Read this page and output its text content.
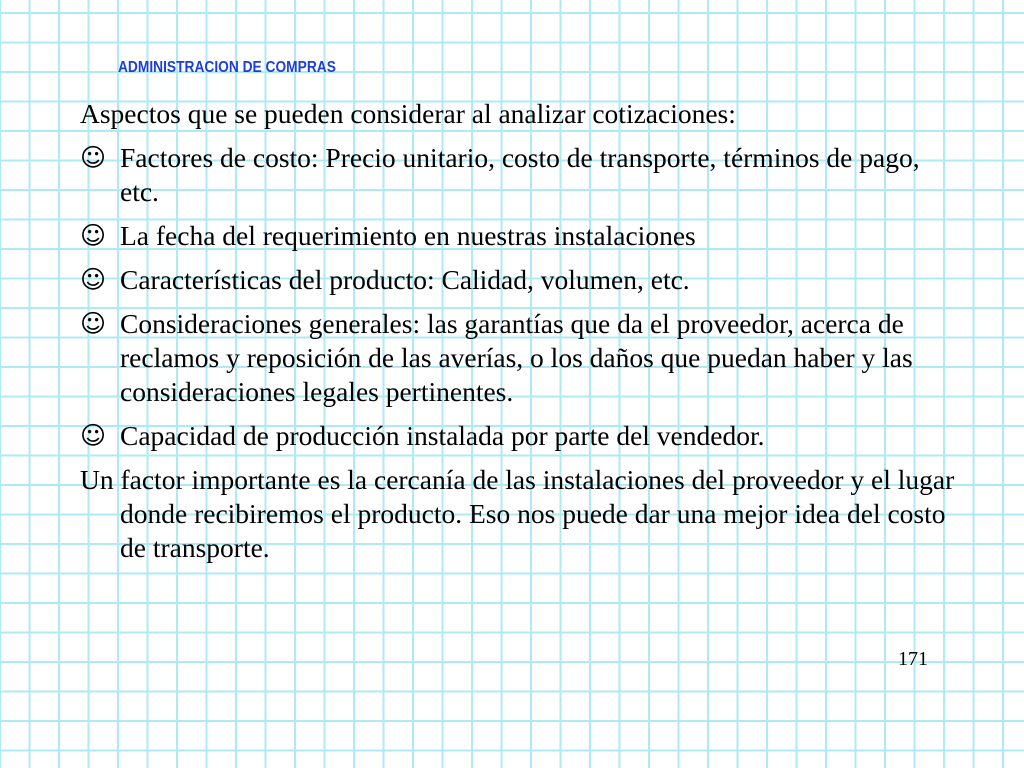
ADMINISTRACION DE COMPRAS

Aspectos que se pueden considerar al analizar cotizaciones:

☺ Factores de costo: Precio unitario, costo de transporte, términos de pago, etc.
☺ La fecha del requerimiento en nuestras instalaciones
☺ Características del producto: Calidad, volumen, etc.
☺ Consideraciones generales: las garantías que da el proveedor, acerca de reclamos y reposición de las averías, o los daños que puedan haber y las consideraciones legales pertinentes.
☺ Capacidad de producción instalada por parte del vendedor.

Un factor importante es la cercanía de las instalaciones del proveedor y el lugar donde recibiremos el producto. Eso nos puede dar una mejor idea del costo de transporte.

171
